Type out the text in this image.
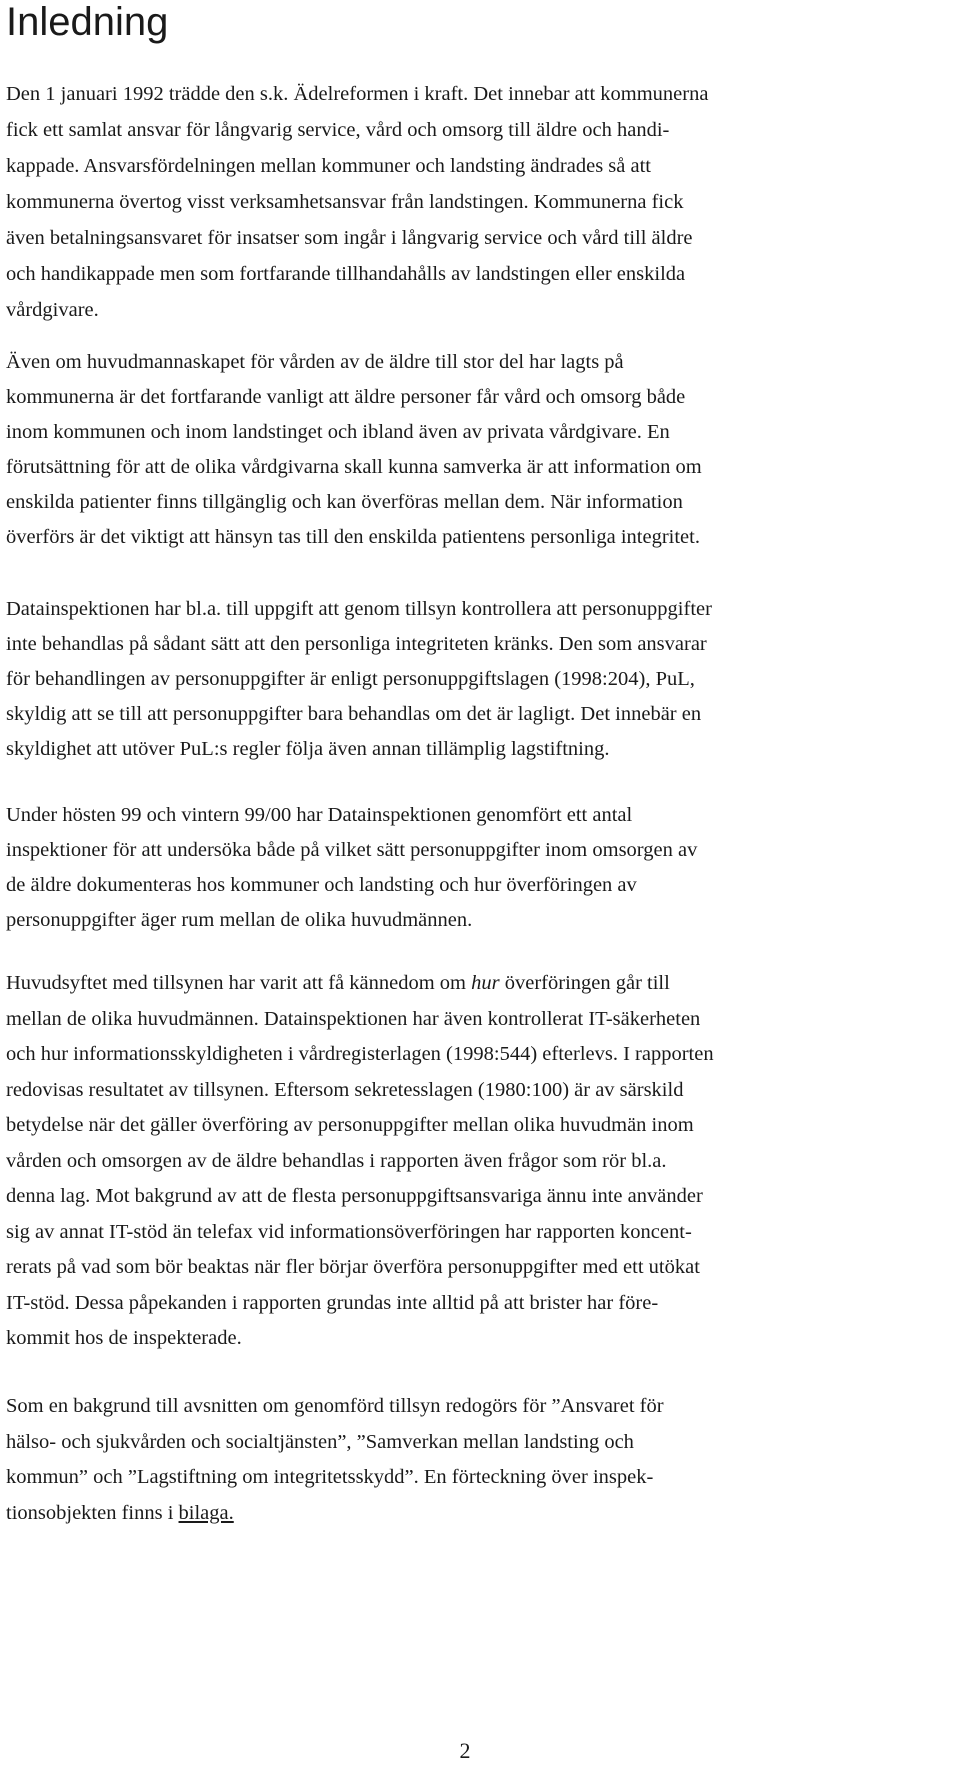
Inledning

Den 1 januari 1992 trädde den s.k. Ädelreformen i kraft. Det innebar att kommunerna
fick ett samlat ansvar för långvarig service, vård och omsorg till äldre och handi-
kappade. Ansvarsfördelningen mellan kommuner och landsting ändrades så att
kommunerna övertog visst verksamhetsansvar från landstingen. Kommunerna fick
även betalningsansvaret för insatser som ingår i långvarig service och vård till äldre
och handikappade men som fortfarande tillhandahålls av landstingen eller enskilda
vårdgivare.

Även om huvudmannaskapet för vården av de äldre till stor del har lagts på
kommunerna är det fortfarande vanligt att äldre personer får vård och omsorg både
inom kommunen och inom landstinget och ibland även av privata vårdgivare. En
förutsättning för att de olika vårdgivarna skall kunna samverka är att information om
enskilda patienter finns tillgänglig och kan överföras mellan dem. När information
överförs är det viktigt att hänsyn tas till den enskilda patientens personliga integritet.

Datainspektionen har bl.a. till uppgift att genom tillsyn kontrollera att personuppgifter
inte behandlas på sådant sätt att den personliga integriteten kränks. Den som ansvarar
för behandlingen av personuppgifter är enligt personuppgiftslagen (1998:204), PuL,
skyldig att se till att personuppgifter bara behandlas om det är lagligt. Det innebär en
skyldighet att utöver PuL:s regler följa även annan tillämplig lagstiftning.

Under hösten 99 och vintern 99/00 har Datainspektionen genomfört ett antal
inspektioner för att undersöka både på vilket sätt personuppgifter inom omsorgen av
de äldre dokumenteras hos kommuner och landsting och hur överföringen av
personuppgifter äger rum mellan de olika huvudmännen.

Huvudsyftet med tillsynen har varit att få kännedom om hur överföringen går till
mellan de olika huvudmännen. Datainspektionen har även kontrollerat IT-säkerheten
och hur informationsskyldigheten i vårdregisterlagen (1998:544) efterlevs. I rapporten
redovisas resultatet av tillsynen. Eftersom sekretesslagen (1980:100) är av särskild
betydelse när det gäller överföring av personuppgifter mellan olika huvudmän inom
vården och omsorgen av de äldre behandlas i rapporten även frågor som rör bl.a.
denna lag. Mot bakgrund av att de flesta personuppgiftsansvariga ännu inte använder
sig av annat IT-stöd än telefax vid informationsöverföringen har rapporten koncent-
rerats på vad som bör beaktas när fler börjar överföra personuppgifter med ett utökat
IT-stöd. Dessa påpekanden i rapporten grundas inte alltid på att brister har före-
kommit hos de inspekterade.

Som en bakgrund till avsnitten om genomförd tillsyn redogörs för ”Ansvaret för
hälso- och sjukvården och socialtjänsten”, ”Samverkan mellan landsting och
kommun” och ”Lagstiftning om integritetsskydd”. En förteckning över inspek-
tionsobjekten finns i bilaga.

2
